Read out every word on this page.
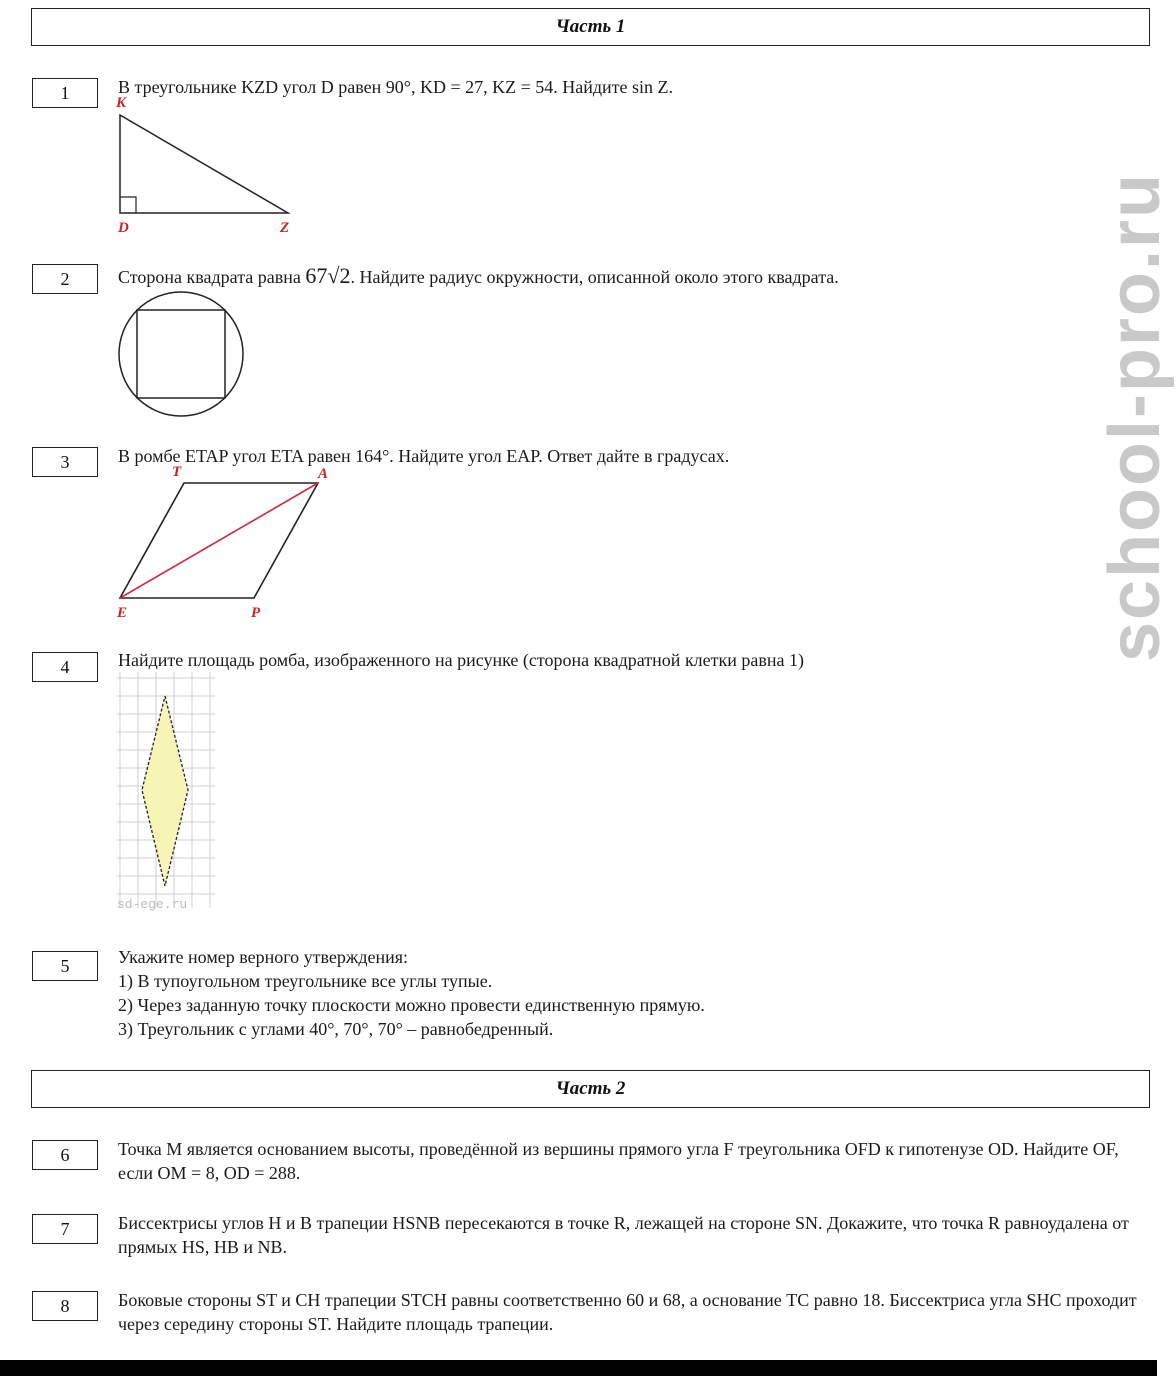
school-pro.ru
Часть 1
1	В треугольнике KZD угол D равен 90°, KD = 27, KZ = 54. Найдите sin Z.
K
D	Z
2	Сторона квадрата равна 67√2. Найдите радиус окружности, описанной около этого квадрата.
3	В ромбе ETAP угол ETA равен 164°. Найдите угол EAP. Ответ дайте в градусах.
T	A
E	P
4	Найдите площадь ромба, изображенного на рисунке (сторона квадратной клетки равна 1)
sd-ege.ru
5	Укажите номер верного утверждения:
1) В тупоугольном треугольнике все углы тупые.
2) Через заданную точку плоскости можно провести единственную прямую.
3) Треугольник с углами 40°, 70°, 70° – равнобедренный.
Часть 2
6	Точка M является основанием высоты, проведённой из вершины прямого угла F треугольника OFD к гипотенузе OD. Найдите OF, если OM = 8, OD = 288.
7	Биссектрисы углов H и B трапеции HSNB пересекаются в точке R, лежащей на стороне SN. Докажите, что точка R равноудалена от прямых HS, HB и NB.
8	Боковые стороны ST и CH трапеции STCH равны соответственно 60 и 68, а основание TC равно 18. Биссектриса угла SHC проходит через середину стороны ST. Найдите площадь трапеции.
